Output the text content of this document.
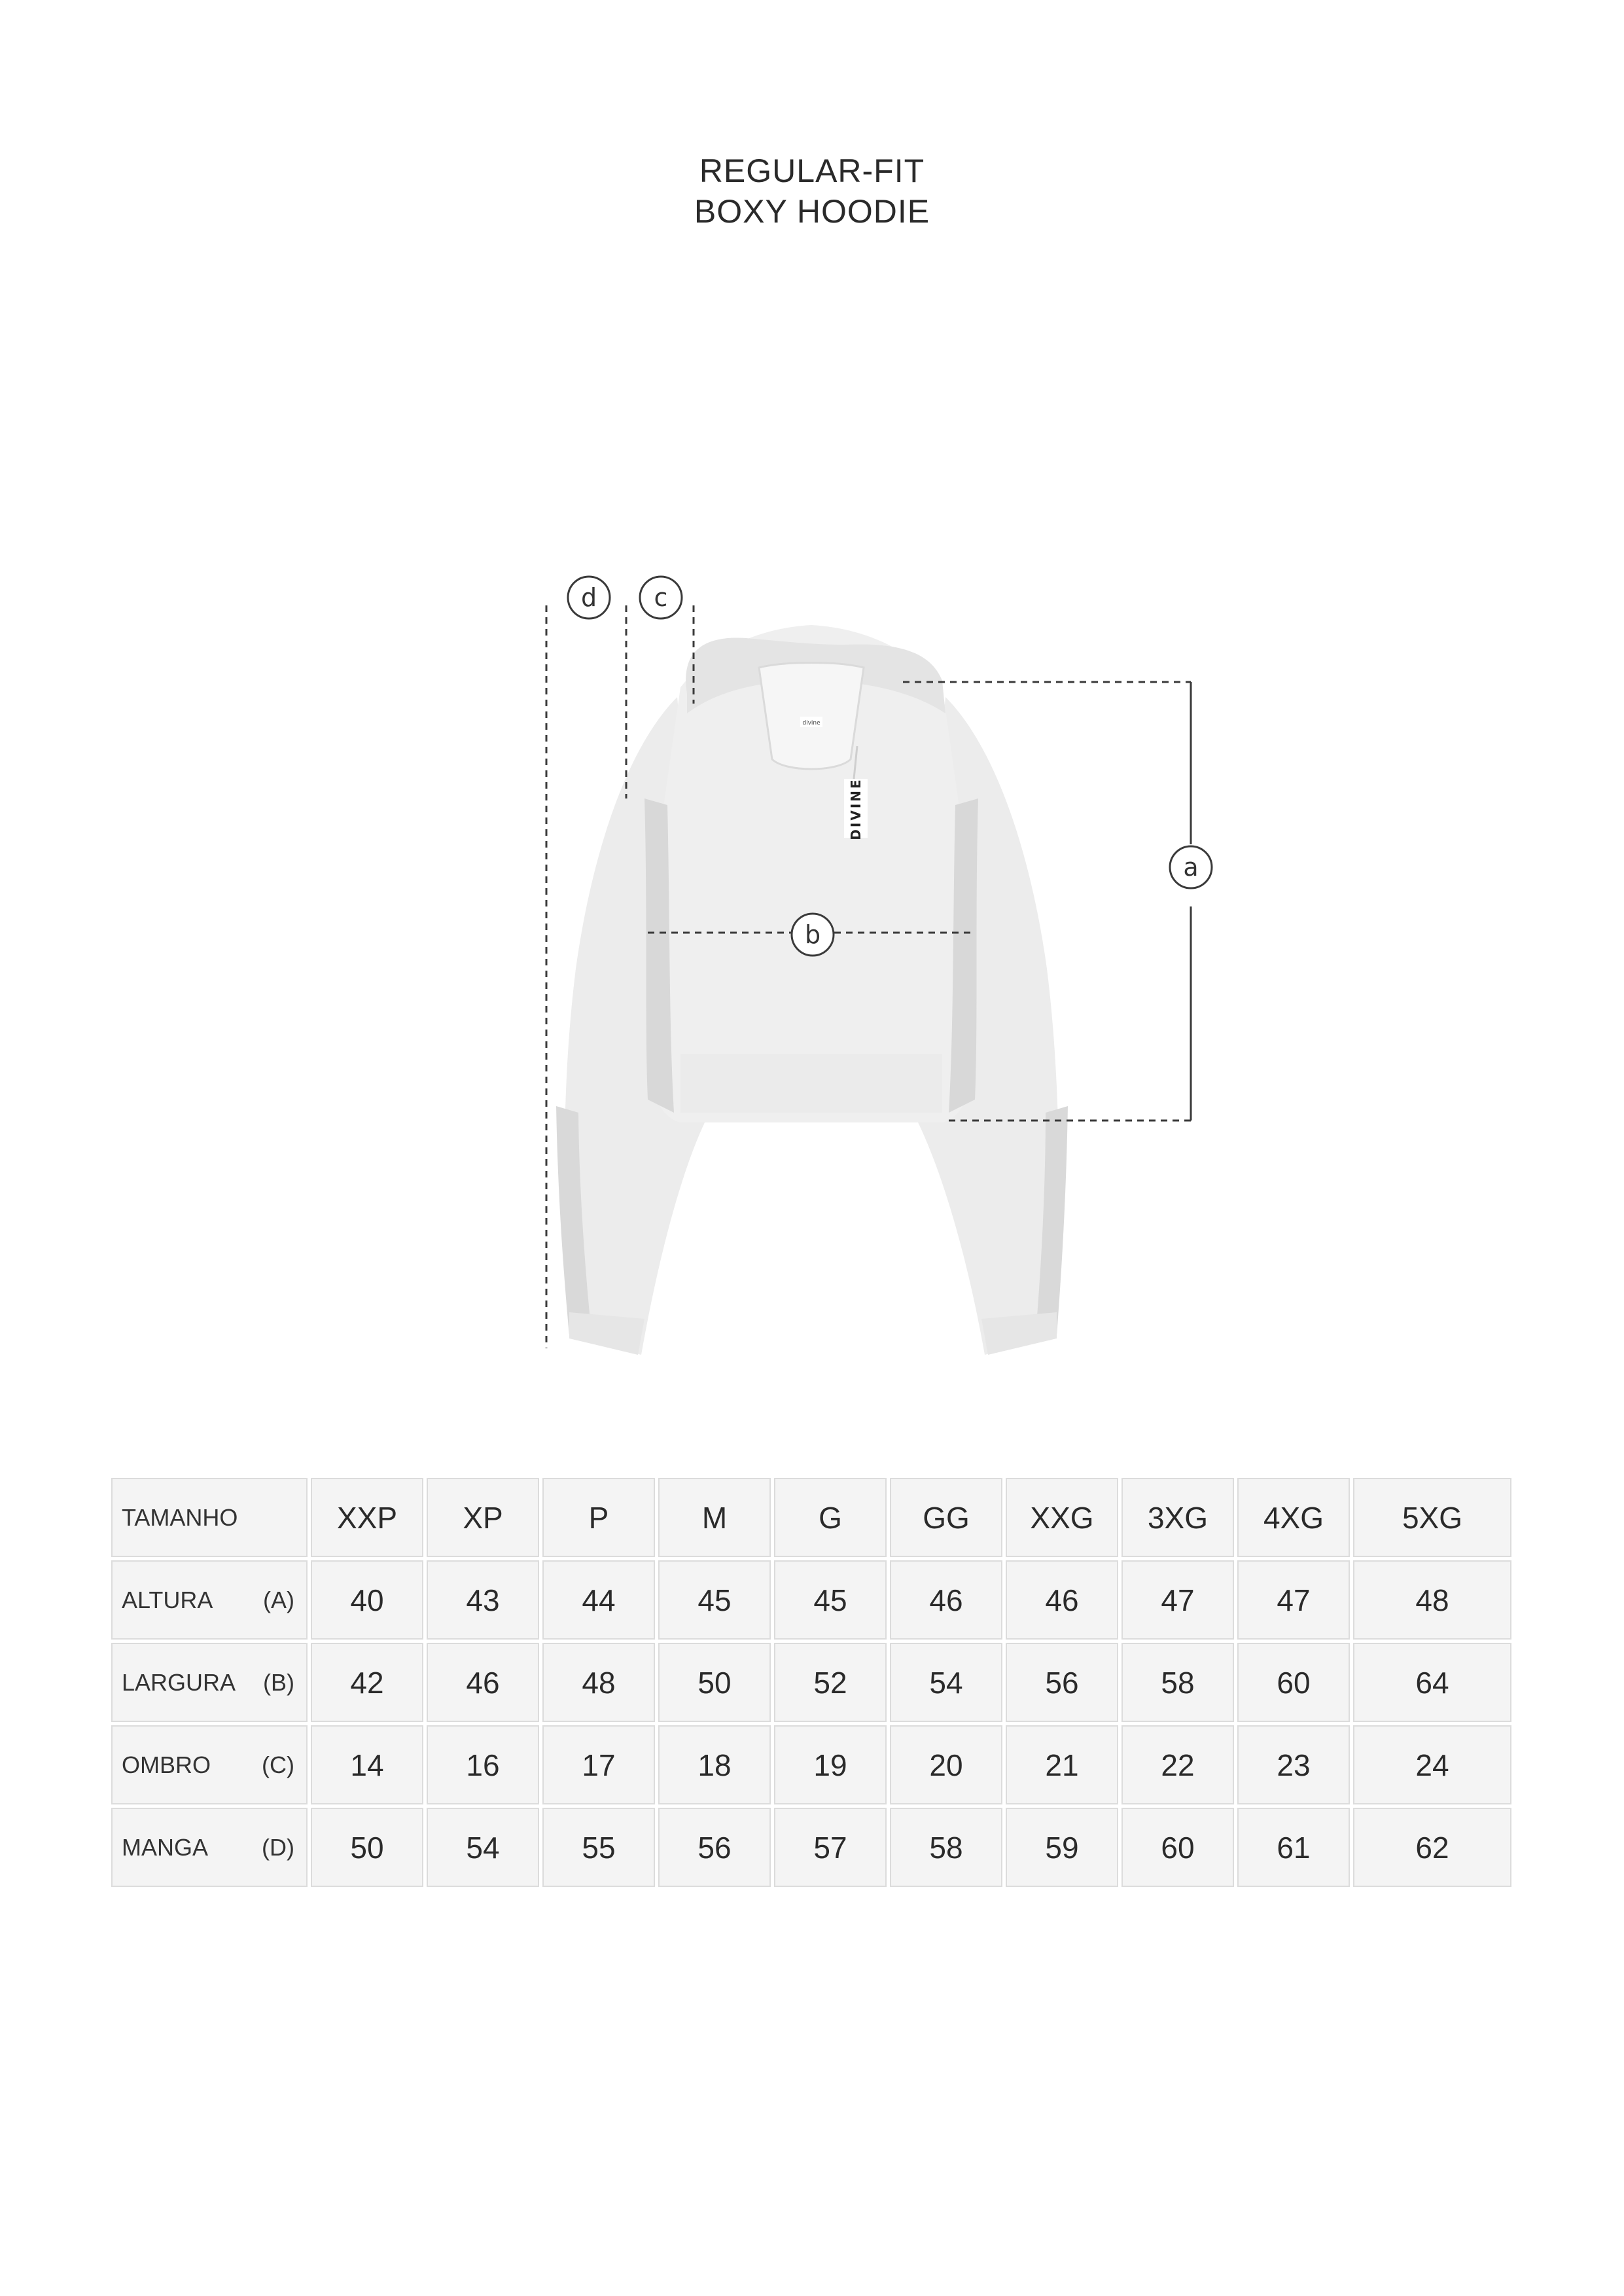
REGULAR-FIT
BOXY HOODIE
divine
DIVINE
d c
a
b
TAMANHO	XXP	XP	P	M	G	GG	XXG	3XG	4XG	5XG
ALTURA (A)	40	43	44	45	45	46	46	47	47	48
LARGURA (B)	42	46	48	50	52	54	56	58	60	64
OMBRO (C)	14	16	17	18	19	20	21	22	23	24
MANGA (D)	50	54	55	56	57	58	59	60	61	62
